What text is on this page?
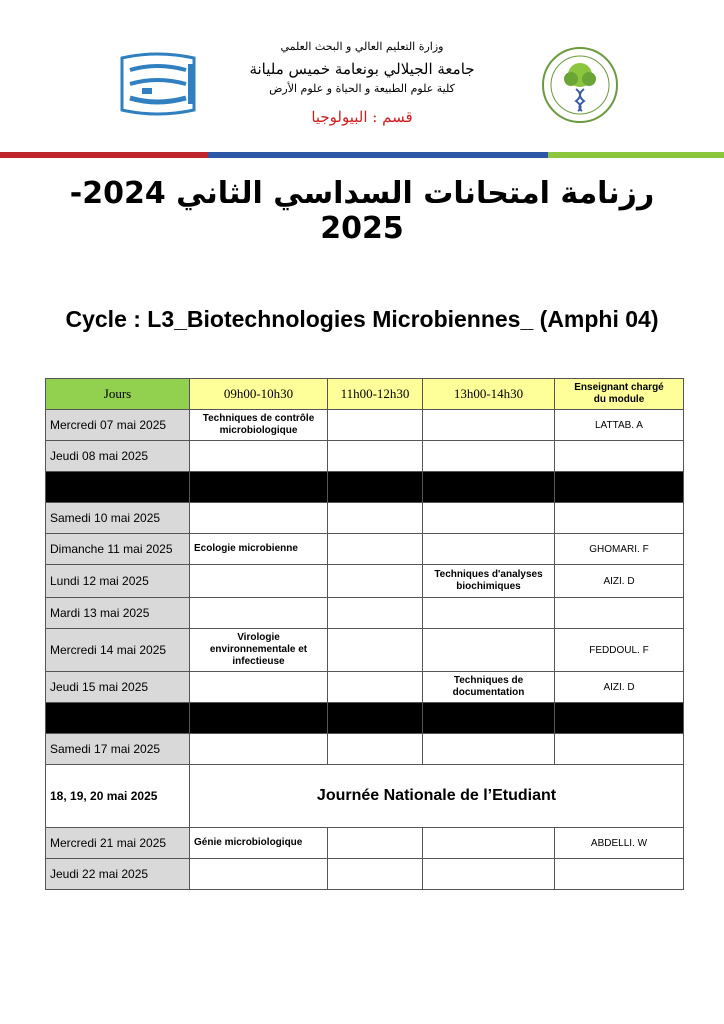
وزارة التعليم العالي و البحث العلمي
جامعة الجيلالي بونعامة خميس مليانة
كلية علوم الطبيعة و الحياة و علوم الأرض
قسم : البيولوجيا
رزنامة امتحانات السداسي الثاني 2024-2025
Cycle : L3_Biotechnologies Microbiennes_ (Amphi 04)
Jours	09h00-10h30	11h00-12h30	13h00-14h30	Enseignant chargé
du module
Mercredi 07 mai 2025	Techniques de contrôle
microbiologique			LATTAB. A
Jeudi 08 mai 2025				

Samedi 10 mai 2025				
Dimanche 11 mai 2025	Ecologie microbienne			GHOMARI. F
Lundi 12 mai 2025			Techniques d'analyses
biochimiques	AIZI. D
Mardi 13 mai 2025				
Mercredi 14 mai 2025	Virologie
environnementale et
infectieuse			FEDDOUL. F
Jeudi 15 mai 2025			Techniques de
documentation	AIZI. D

Samedi 17 mai 2025				
18, 19, 20 mai 2025	Journée Nationale de l’Etudiant			
Mercredi 21 mai 2025	Génie microbiologique			ABDELLI. W
Jeudi 22 mai 2025				
